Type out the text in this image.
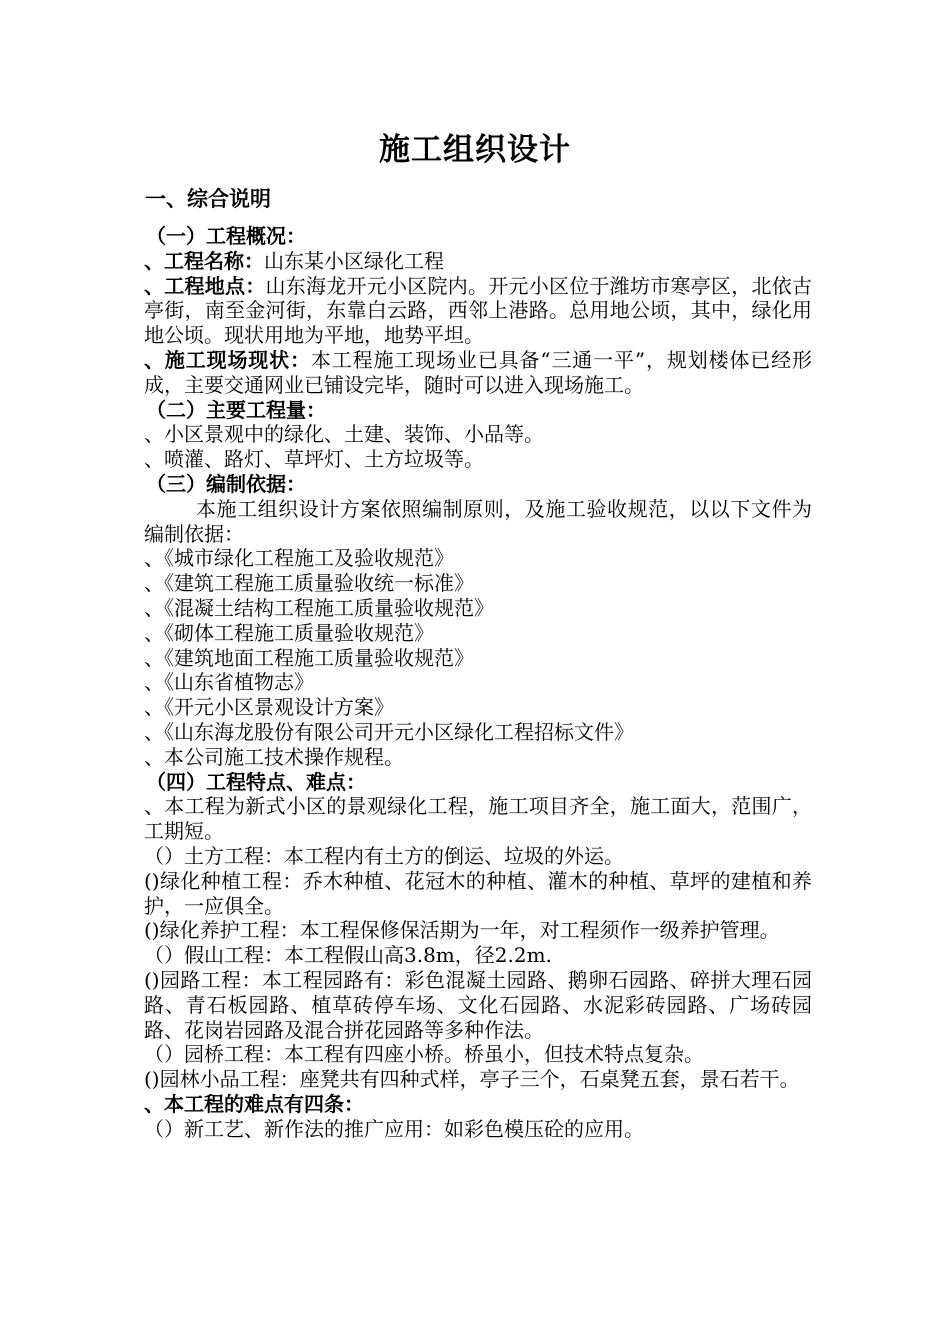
施工组织设计
一、综合说明

（一）工程概况：

、工程名称：山东某小区绿化工程

、工程地点：山东海龙开元小区院内。开元小区位于潍坊市寒亭区，北依古亭街，南至金河街，东靠白云路，西邻上港路。总用地公顷，其中，绿化用地公顷。现状用地为平地，地势平坦。

、施工现场现状：本工程施工现场业已具备“三通一平”，规划楼体已经形成，主要交通网业已铺设完毕，随时可以进入现场施工。

（二）主要工程量：

、小区景观中的绿化、土建、装饰、小品等。

、喷灌、路灯、草坪灯、土方垃圾等。

（三）编制依据：

本施工组织设计方案依照编制原则，及施工验收规范，以以下文件为编制依据：

、《城市绿化工程施工及验收规范》

、《建筑工程施工质量验收统一标准》

、《混凝土结构工程施工质量验收规范》

、《砌体工程施工质量验收规范》

、《建筑地面工程施工质量验收规范》

、《山东省植物志》

、《开元小区景观设计方案》

、《山东海龙股份有限公司开元小区绿化工程招标文件》

、本公司施工技术操作规程。

（四）工程特点、难点：

、本工程为新式小区的景观绿化工程，施工项目齐全，施工面大，范围广，工期短。

（）土方工程：本工程内有土方的倒运、垃圾的外运。

()绿化种植工程：乔木种植、花冠木的种植、灌木的种植、草坪的建植和养护，一应俱全。

()绿化养护工程：本工程保修保活期为一年，对工程须作一级养护管理。

（）假山工程：本工程假山高3.8m，径2.2m.

()园路工程：本工程园路有：彩色混凝土园路、鹅卵石园路、碎拼大理石园路、青石板园路、植草砖停车场、文化石园路、水泥彩砖园路、广场砖园路、花岗岩园路及混合拼花园路等多种作法。

（）园桥工程：本工程有四座小桥。桥虽小，但技术特点复杂。

()园林小品工程：座凳共有四种式样，亭子三个，石桌凳五套，景石若干。

、本工程的难点有四条：

（）新工艺、新作法的推广应用：如彩色模压砼的应用。
